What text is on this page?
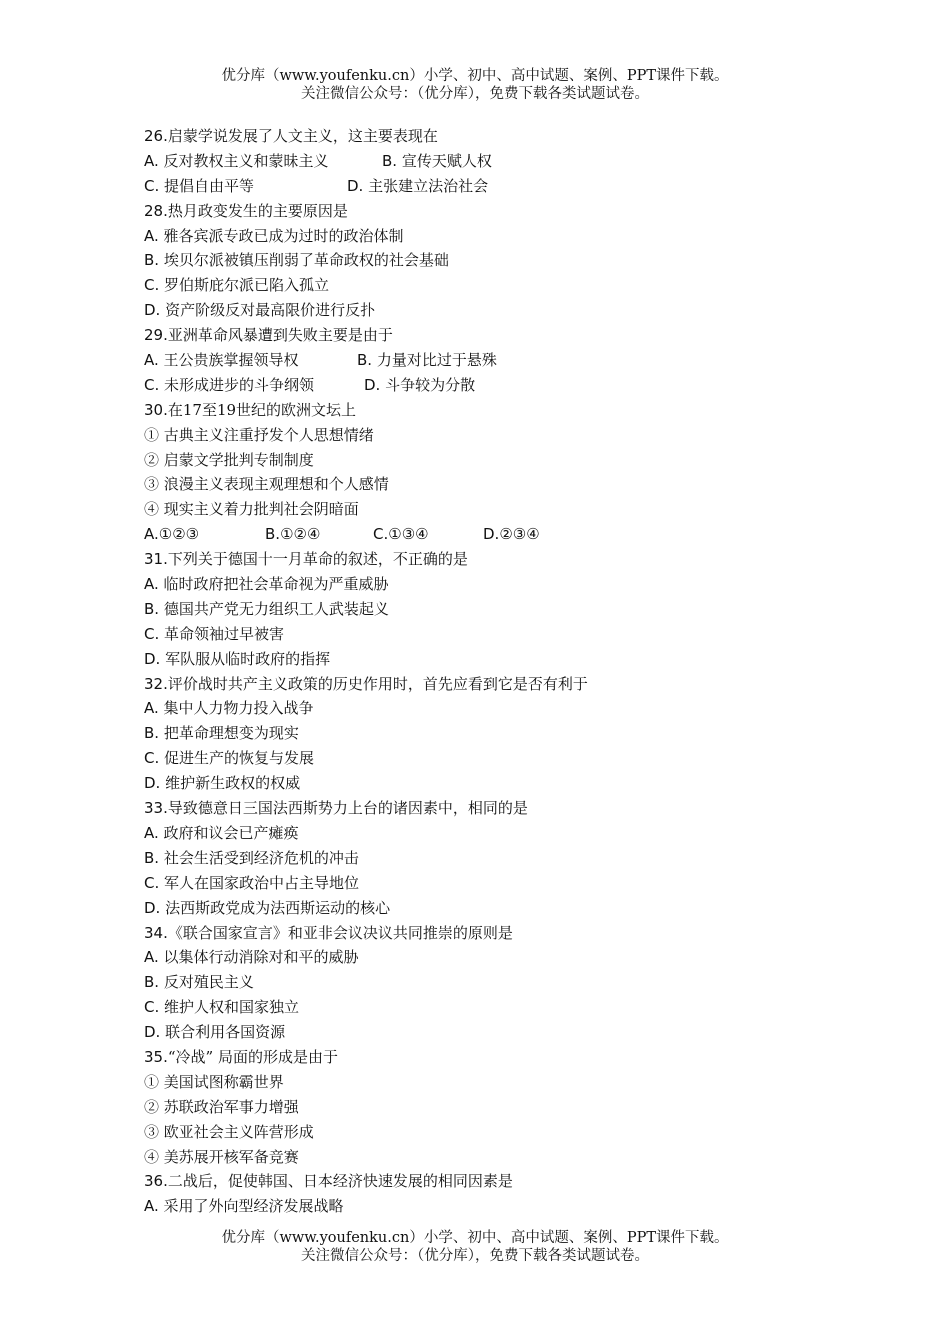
优分库（www.youfenku.cn）小学、初中、高中试题、案例、PPT课件下载。
关注微信公众号：（优分库），免费下载各类试题试卷。
26.启蒙学说发展了人文主义，这主要表现在
A. 反对教权主义和蒙昧主义	B. 宣传天赋人权
C. 提倡自由平等	D. 主张建立法治社会
28.热月政变发生的主要原因是
A. 雅各宾派专政已成为过时的政治体制
B. 埃贝尔派被镇压削弱了革命政权的社会基础
C. 罗伯斯庇尔派已陷入孤立
D. 资产阶级反对最高限价进行反扑
29.亚洲革命风暴遭到失败主要是由于
A. 王公贵族掌握领导权	B. 力量对比过于悬殊
C. 未形成进步的斗争纲领	D. 斗争较为分散
30.在17至19世纪的欧洲文坛上
① 古典主义注重抒发个人思想情绪
② 启蒙文学批判专制制度
③ 浪漫主义表现主观理想和个人感情
④ 现实主义着力批判社会阴暗面
A.①②③	B.①②④	C.①③④	D.②③④
31.下列关于德国十一月革命的叙述，不正确的是
A. 临时政府把社会革命视为严重威胁
B. 德国共产党无力组织工人武装起义
C. 革命领袖过早被害
D. 军队服从临时政府的指挥
32.评价战时共产主义政策的历史作用时，首先应看到它是否有利于
A. 集中人力物力投入战争
B. 把革命理想变为现实
C. 促进生产的恢复与发展
D. 维护新生政权的权威
33.导致德意日三国法西斯势力上台的诸因素中，相同的是
A. 政府和议会已产瘫痪
B. 社会生活受到经济危机的冲击
C. 军人在国家政治中占主导地位
D. 法西斯政党成为法西斯运动的核心
34.《联合国家宣言》和亚非会议决议共同推崇的原则是
A. 以集体行动消除对和平的威胁
B. 反对殖民主义
C. 维护人权和国家独立
D. 联合利用各国资源
35.“冷战” 局面的形成是由于
① 美国试图称霸世界
② 苏联政治军事力增强
③ 欧亚社会主义阵营形成
④ 美苏展开核军备竞赛
36.二战后，促使韩国、日本经济快速发展的相同因素是
A. 采用了外向型经济发展战略
优分库（www.youfenku.cn）小学、初中、高中试题、案例、PPT课件下载。
关注微信公众号：（优分库），免费下载各类试题试卷。
